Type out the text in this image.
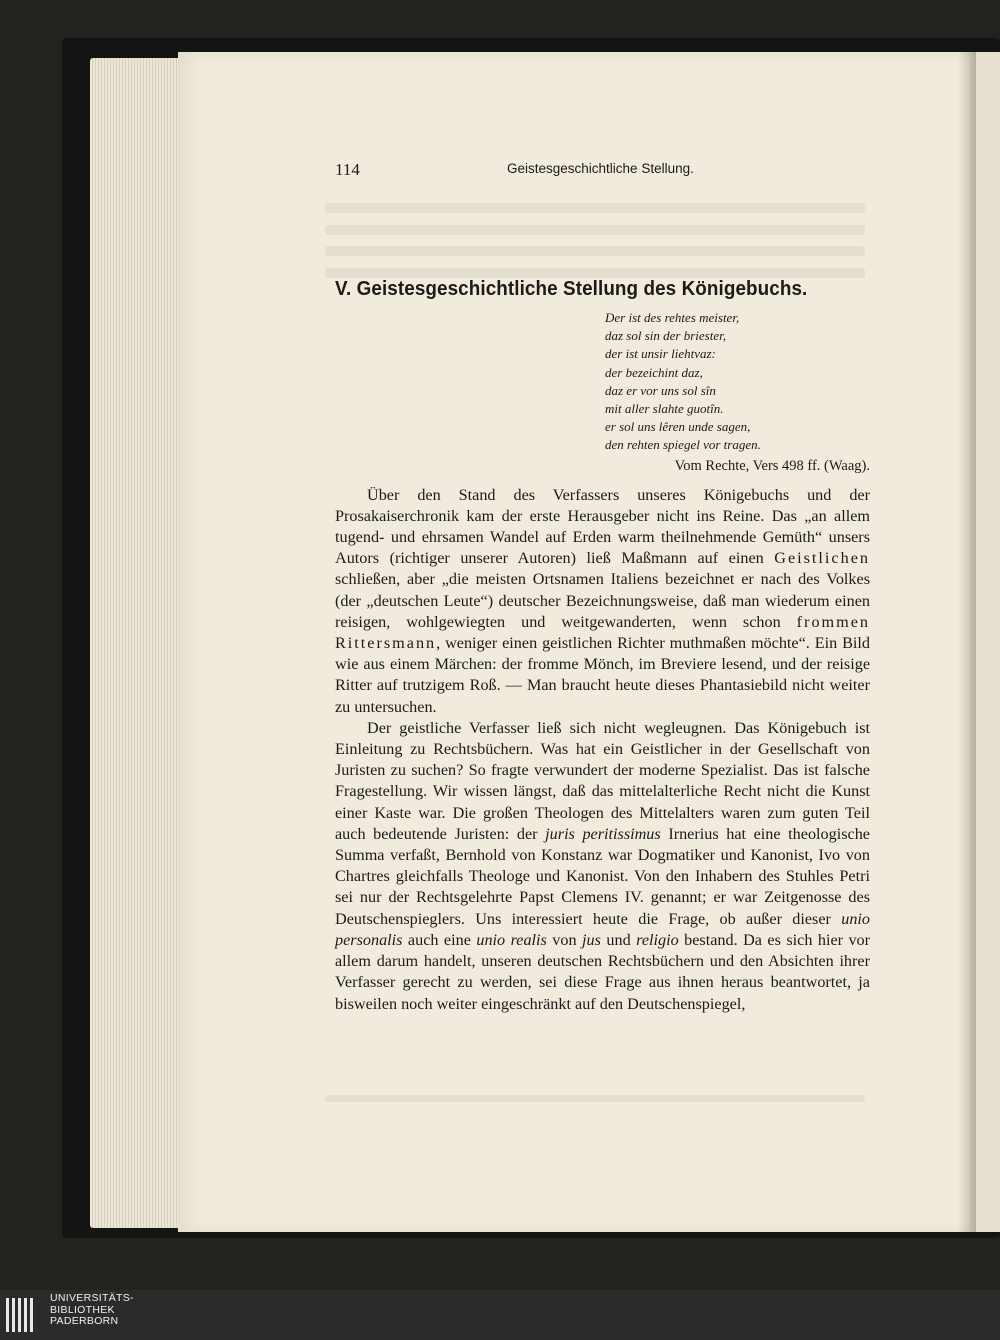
114	Geistesgeschichtliche Stellung.
V. Geistesgeschichtliche Stellung des Königebuchs.
Der ist des rehtes meister,
daz sol sin der briester,
der ist unsir liehtvaz:
der bezeichint daz,
daz er vor uns sol sîn
mit aller slahte guotîn.
er sol uns lêren unde sagen,
den rehten spiegel vor tragen.
Vom Rechte, Vers 498 ff. (Waag).

Über den Stand des Verfassers unseres Königebuchs und der Prosakaiserchronik kam der erste Herausgeber nicht ins Reine. Das „an allem tugend- und ehrsamen Wandel auf Erden warm theilnehmende Gemüth“ unsers Autors (richtiger unserer Autoren) ließ Maßmann auf einen Geistlichen schließen, aber „die meisten Ortsnamen Italiens bezeichnet er nach des Volkes (der „deutschen Leute“) deutscher Bezeichnungsweise, daß man wiederum einen reisigen, wohlgewiegten und weitgewanderten, wenn schon frommen Rittersmann, weniger einen geistlichen Richter muthmaßen möchte“. Ein Bild wie aus einem Märchen: der fromme Mönch, im Breviere lesend, und der reisige Ritter auf trutzigem Roß. — Man braucht heute dieses Phantasiebild nicht weiter zu untersuchen.

Der geistliche Verfasser ließ sich nicht wegleugnen. Das Königebuch ist Einleitung zu Rechtsbüchern. Was hat ein Geistlicher in der Gesellschaft von Juristen zu suchen? So fragte verwundert der moderne Spezialist. Das ist falsche Fragestellung. Wir wissen längst, daß das mittelalterliche Recht nicht die Kunst einer Kaste war. Die großen Theologen des Mittelalters waren zum guten Teil auch bedeutende Juristen: der juris peritissimus Irnerius hat eine theologische Summa verfaßt, Bernhold von Konstanz war Dogmatiker und Kanonist, Ivo von Chartres gleichfalls Theologe und Kanonist. Von den Inhabern des Stuhles Petri sei nur der Rechtsgelehrte Papst Clemens IV. genannt; er war Zeitgenosse des Deutschenspieglers. Uns interessiert heute die Frage, ob außer dieser unio personalis auch eine unio realis von jus und religio bestand. Da es sich hier vor allem darum handelt, unseren deutschen Rechtsbüchern und den Absichten ihrer Verfasser gerecht zu werden, sei diese Frage aus ihnen heraus beantwortet, ja bisweilen noch weiter eingeschränkt auf den Deutschenspiegel,

UNIVERSITÄTS-
BIBLIOTHEK
PADERBORN
